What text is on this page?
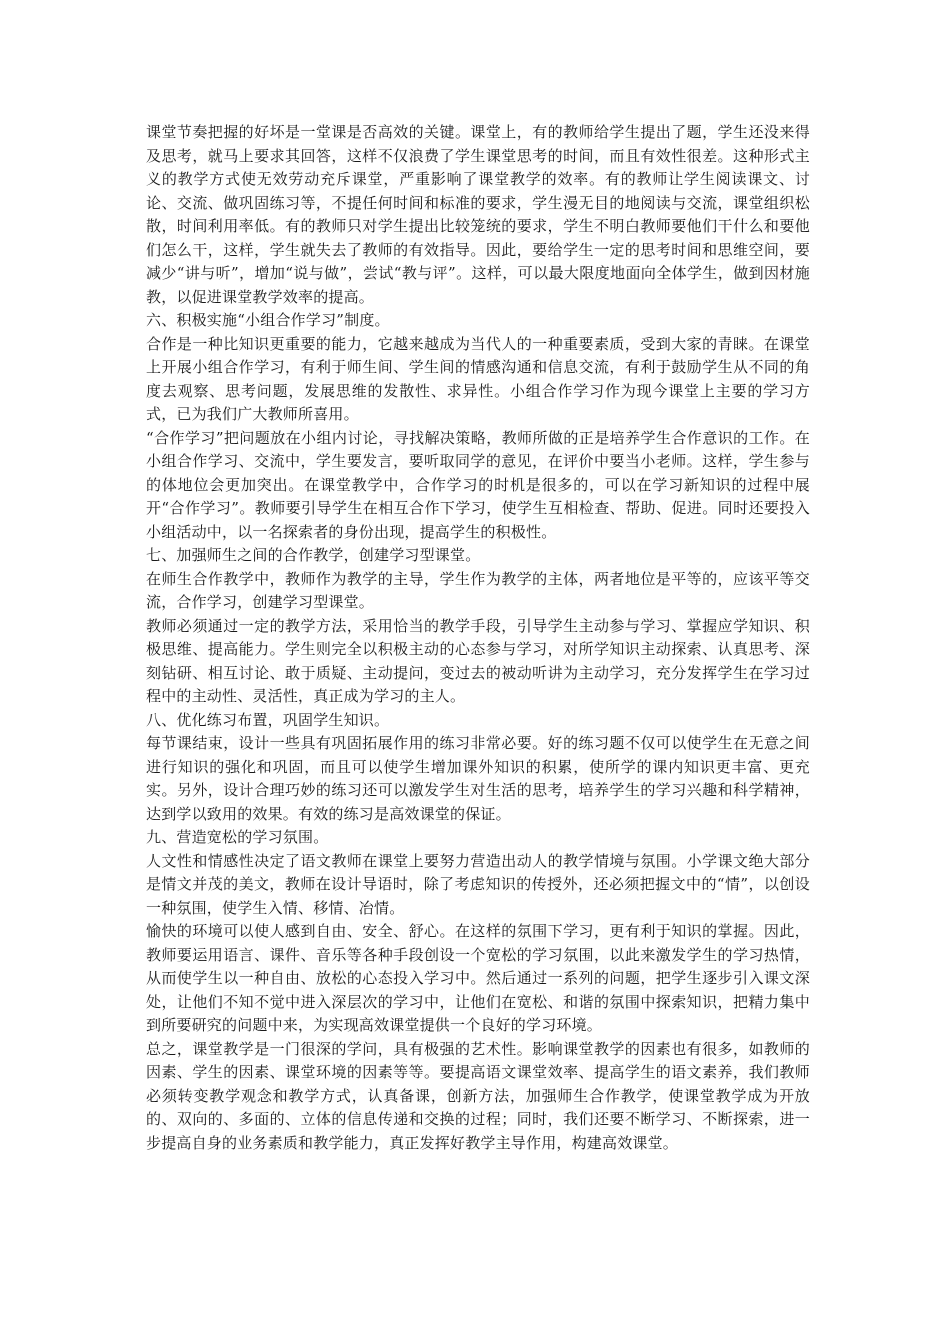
课堂节奏把握的好坏是一堂课是否高效的关键。课堂上，有的教师给学生提出了题，学生还没来得及思考，就马上要求其回答，这样不仅浪费了学生课堂思考的时间，而且有效性很差。这种形式主义的教学方式使无效劳动充斥课堂，严重影响了课堂教学的效率。有的教师让学生阅读课文、讨论、交流、做巩固练习等，不提任何时间和标准的要求，学生漫无目的地阅读与交流，课堂组织松散，时间利用率低。有的教师只对学生提出比较笼统的要求，学生不明白教师要他们干什么和要他们怎么干，这样，学生就失去了教师的有效指导。因此，要给学生一定的思考时间和思维空间，要减少“讲与听”，增加“说与做”，尝试“教与评”。这样，可以最大限度地面向全体学生，做到因材施教，以促进课堂教学效率的提高。

六、积极实施“小组合作学习”制度。

合作是一种比知识更重要的能力，它越来越成为当代人的一种重要素质，受到大家的青睐。在课堂上开展小组合作学习，有利于师生间、学生间的情感沟通和信息交流，有利于鼓励学生从不同的角度去观察、思考问题，发展思维的发散性、求异性。小组合作学习作为现今课堂上主要的学习方式，已为我们广大教师所喜用。

“合作学习”把问题放在小组内讨论，寻找解决策略，教师所做的正是培养学生合作意识的工作。在小组合作学习、交流中，学生要发言，要听取同学的意见，在评价中要当小老师。这样，学生参与的体地位会更加突出。在课堂教学中，合作学习的时机是很多的，可以在学习新知识的过程中展开“合作学习”。教师要引导学生在相互合作下学习，使学生互相检查、帮助、促进。同时还要投入小组活动中，以一名探索者的身份出现，提高学生的积极性。

七、加强师生之间的合作教学，创建学习型课堂。

在师生合作教学中，教师作为教学的主导，学生作为教学的主体，两者地位是平等的，应该平等交流，合作学习，创建学习型课堂。

教师必须通过一定的教学方法，采用恰当的教学手段，引导学生主动参与学习、掌握应学知识、积极思维、提高能力。学生则完全以积极主动的心态参与学习，对所学知识主动探索、认真思考、深刻钻研、相互讨论、敢于质疑、主动提问，变过去的被动听讲为主动学习，充分发挥学生在学习过程中的主动性、灵活性，真正成为学习的主人。

八、优化练习布置，巩固学生知识。

每节课结束，设计一些具有巩固拓展作用的练习非常必要。好的练习题不仅可以使学生在无意之间进行知识的强化和巩固，而且可以使学生增加课外知识的积累，使所学的课内知识更丰富、更充实。另外，设计合理巧妙的练习还可以激发学生对生活的思考，培养学生的学习兴趣和科学精神，达到学以致用的效果。有效的练习是高效课堂的保证。

九、营造宽松的学习氛围。

人文性和情感性决定了语文教师在课堂上要努力营造出动人的教学情境与氛围。小学课文绝大部分是情文并茂的美文，教师在设计导语时，除了考虑知识的传授外，还必须把握文中的“情”，以创设一种氛围，使学生入情、移情、冶情。

愉快的环境可以使人感到自由、安全、舒心。在这样的氛围下学习，更有利于知识的掌握。因此，教师要运用语言、课件、音乐等各种手段创设一个宽松的学习氛围，以此来激发学生的学习热情，从而使学生以一种自由、放松的心态投入学习中。然后通过一系列的问题，把学生逐步引入课文深处，让他们不知不觉中进入深层次的学习中，让他们在宽松、和谐的氛围中探索知识，把精力集中到所要研究的问题中来，为实现高效课堂提供一个良好的学习环境。

总之，课堂教学是一门很深的学问，具有极强的艺术性。影响课堂教学的因素也有很多，如教师的因素、学生的因素、课堂环境的因素等等。要提高语文课堂效率、提高学生的语文素养，我们教师必须转变教学观念和教学方式，认真备课，创新方法，加强师生合作教学，使课堂教学成为开放的、双向的、多面的、立体的信息传递和交换的过程；同时，我们还要不断学习、不断探索，进一步提高自身的业务素质和教学能力，真正发挥好教学主导作用，构建高效课堂。
